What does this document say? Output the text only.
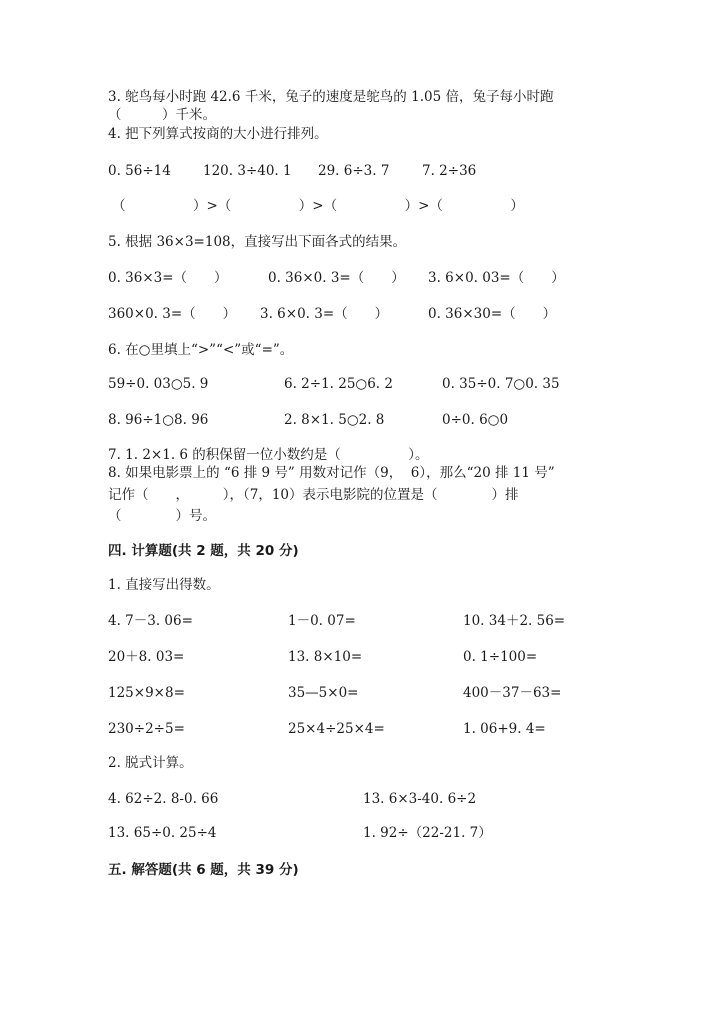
3. 鸵鸟每小时跑 42.6 千米，兔子的速度是鸵鸟的 1.05 倍，兔子每小时跑
（　　　）千米。
4. 把下列算式按商的大小进行排列。
0. 56÷14 120. 3÷40. 1 29. 6÷3. 7 7. 2÷36
（　　　　　）>（　　　　　）>（　　　　　）>（　　　　　）
5. 根据 36×3=108，直接写出下面各式的结果。
0. 36×3=（　　）	0. 36×0. 3=（　　） 3. 6×0. 03=（　　）
360×0. 3=（　　） 3. 6×0. 3=（　　）	0. 36×30=（　　）
6. 在○里填上“>”“<”或“=”。
59÷0. 03○5. 9	6. 2÷1. 25○6. 2	0. 35÷0. 7○0. 35
8. 96÷1○8. 96	2. 8×1. 5○2. 8	0÷0. 6○0
7. 1. 2×1. 6 的积保留一位小数约是（　　　　　）。
8. 如果电影票上的 “6 排 9 号” 用数对记作（9，  6），那么“20 排 11 号”
记作（　　，　　　），（7，10）表示电影院的位置是（　　　　）排
（　　　　）号。
四. 计算题(共 2 题，共 20 分)
1. 直接写出得数。
4. 7－3. 06=	1－0. 07=	10. 34＋2. 56=
20＋8. 03=	13. 8×10=	0. 1÷100=
125×9×8=	35—5×0=	400－37－63=
230÷2÷5=	25×4÷25×4=	1. 06+9. 4=
2. 脱式计算。
4. 62÷2. 8-0. 66	13. 6×3-40. 6÷2
13. 65÷0. 25÷4	1. 92÷（22-21. 7）
五. 解答题(共 6 题，共 39 分)
